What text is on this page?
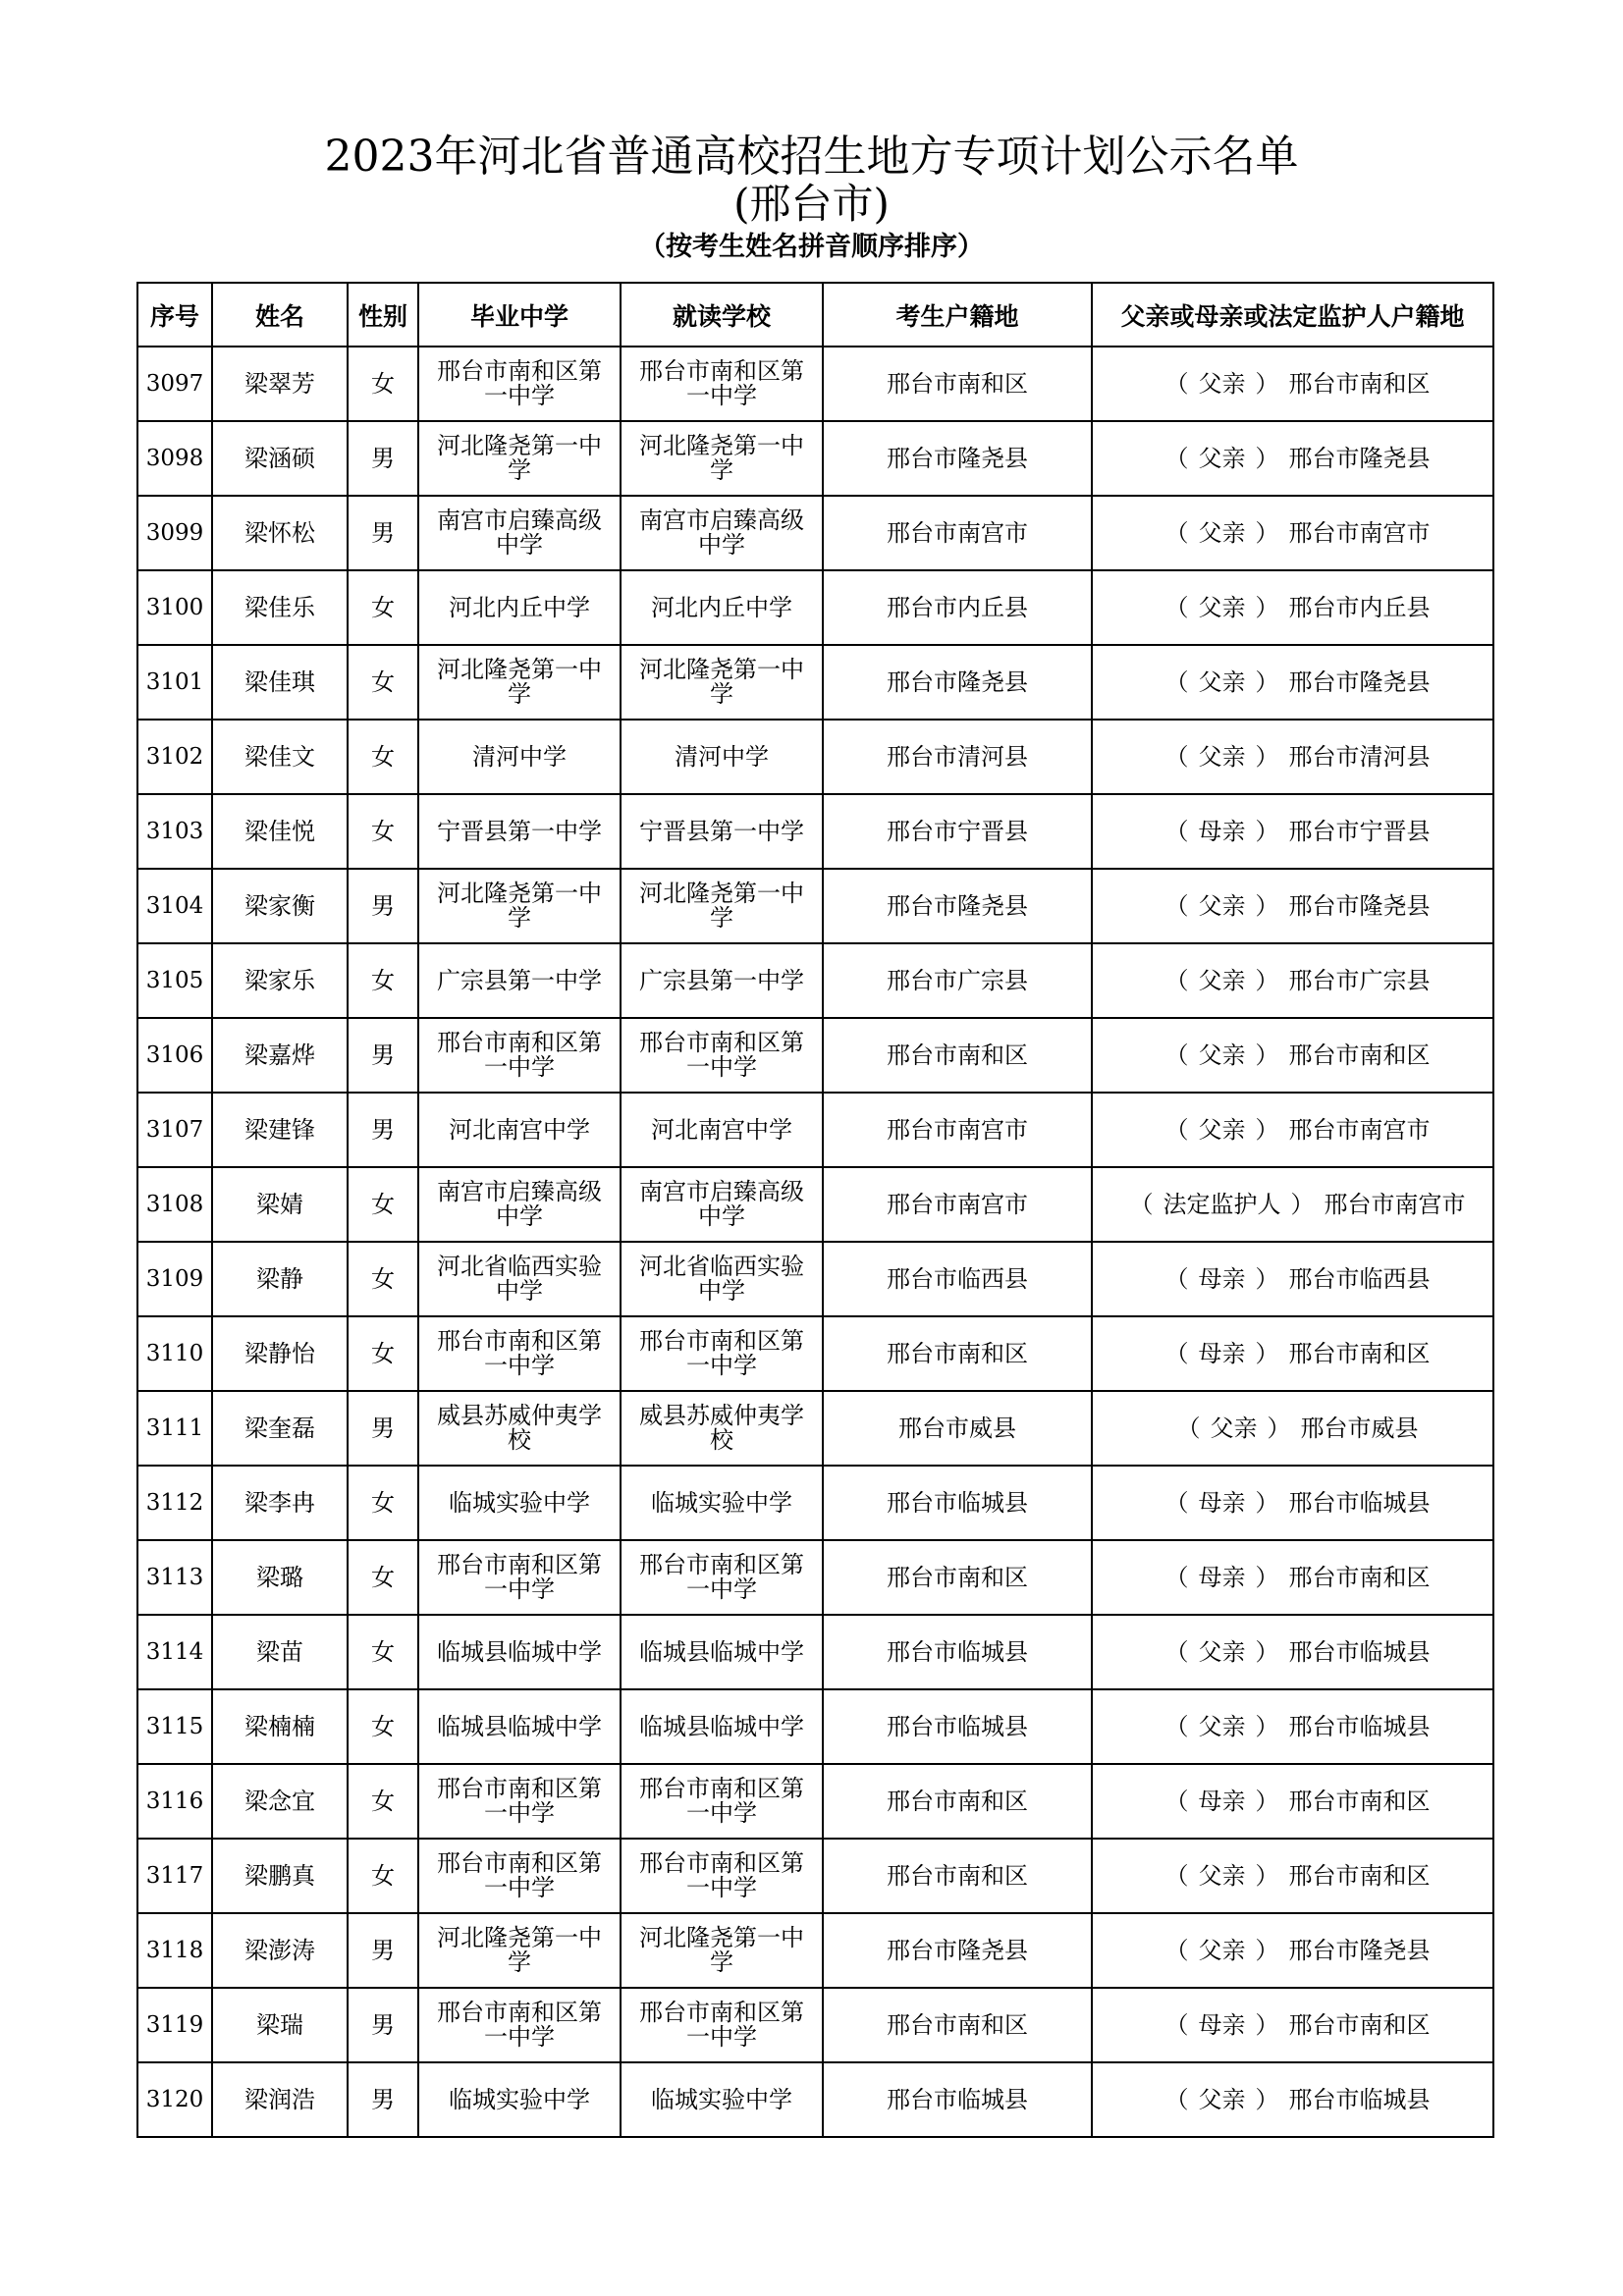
2023年河北省普通高校招生地方专项计划公示名单
(邢台市)
（按考生姓名拼音顺序排序）
序号	姓名	性别	毕业中学	就读学校	考生户籍地	父亲或母亲或法定监护人户籍地
3097	梁翠芳	女	邢台市南和区第一中学	邢台市南和区第一中学	邢台市南和区	（ 父亲 ） 邢台市南和区
3098	梁涵硕	男	河北隆尧第一中学	河北隆尧第一中学	邢台市隆尧县	（ 父亲 ） 邢台市隆尧县
3099	梁怀松	男	南宫市启臻高级中学	南宫市启臻高级中学	邢台市南宫市	（ 父亲 ） 邢台市南宫市
3100	梁佳乐	女	河北内丘中学	河北内丘中学	邢台市内丘县	（ 父亲 ） 邢台市内丘县
3101	梁佳琪	女	河北隆尧第一中学	河北隆尧第一中学	邢台市隆尧县	（ 父亲 ） 邢台市隆尧县
3102	梁佳文	女	清河中学	清河中学	邢台市清河县	（ 父亲 ） 邢台市清河县
3103	梁佳悦	女	宁晋县第一中学	宁晋县第一中学	邢台市宁晋县	（ 母亲 ） 邢台市宁晋县
3104	梁家衡	男	河北隆尧第一中学	河北隆尧第一中学	邢台市隆尧县	（ 父亲 ） 邢台市隆尧县
3105	梁家乐	女	广宗县第一中学	广宗县第一中学	邢台市广宗县	（ 父亲 ） 邢台市广宗县
3106	梁嘉烨	男	邢台市南和区第一中学	邢台市南和区第一中学	邢台市南和区	（ 父亲 ） 邢台市南和区
3107	梁建锋	男	河北南宫中学	河北南宫中学	邢台市南宫市	（ 父亲 ） 邢台市南宫市
3108	梁婧	女	南宫市启臻高级中学	南宫市启臻高级中学	邢台市南宫市	（ 法定监护人 ） 邢台市南宫市
3109	梁静	女	河北省临西实验中学	河北省临西实验中学	邢台市临西县	（ 母亲 ） 邢台市临西县
3110	梁静怡	女	邢台市南和区第一中学	邢台市南和区第一中学	邢台市南和区	（ 母亲 ） 邢台市南和区
3111	梁奎磊	男	威县苏威仲夷学校	威县苏威仲夷学校	邢台市威县	（ 父亲 ） 邢台市威县
3112	梁李冉	女	临城实验中学	临城实验中学	邢台市临城县	（ 母亲 ） 邢台市临城县
3113	梁璐	女	邢台市南和区第一中学	邢台市南和区第一中学	邢台市南和区	（ 母亲 ） 邢台市南和区
3114	梁苗	女	临城县临城中学	临城县临城中学	邢台市临城县	（ 父亲 ） 邢台市临城县
3115	梁楠楠	女	临城县临城中学	临城县临城中学	邢台市临城县	（ 父亲 ） 邢台市临城县
3116	梁念宜	女	邢台市南和区第一中学	邢台市南和区第一中学	邢台市南和区	（ 母亲 ） 邢台市南和区
3117	梁鹏真	女	邢台市南和区第一中学	邢台市南和区第一中学	邢台市南和区	（ 父亲 ） 邢台市南和区
3118	梁澎涛	男	河北隆尧第一中学	河北隆尧第一中学	邢台市隆尧县	（ 父亲 ） 邢台市隆尧县
3119	梁瑞	男	邢台市南和区第一中学	邢台市南和区第一中学	邢台市南和区	（ 母亲 ） 邢台市南和区
3120	梁润浩	男	临城实验中学	临城实验中学	邢台市临城县	（ 父亲 ） 邢台市临城县
